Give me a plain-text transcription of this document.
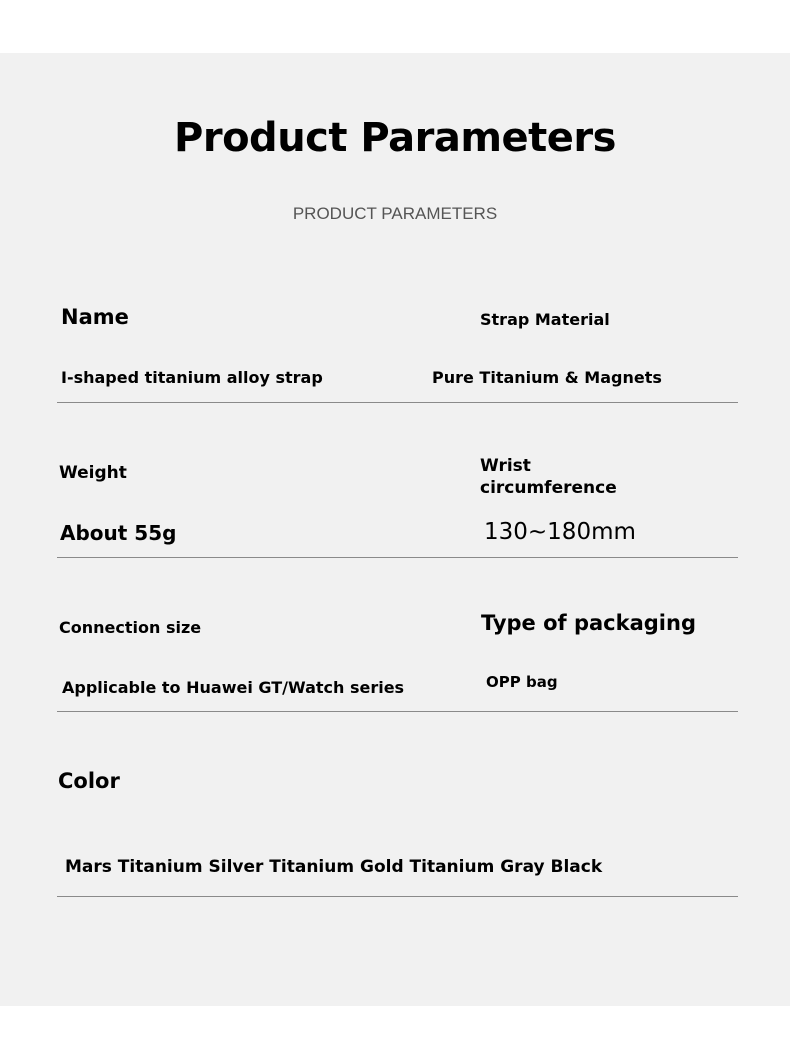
Product Parameters
PRODUCT PARAMETERS
Name	Strap Material
I-shaped titanium alloy strap	Pure Titanium & Magnets
Weight	Wrist circumference
About 55g	130~180mm
Connection size	Type of packaging
Applicable to Huawei GT/Watch series	OPP bag
Color
Mars Titanium Silver Titanium Gold Titanium Gray Black
